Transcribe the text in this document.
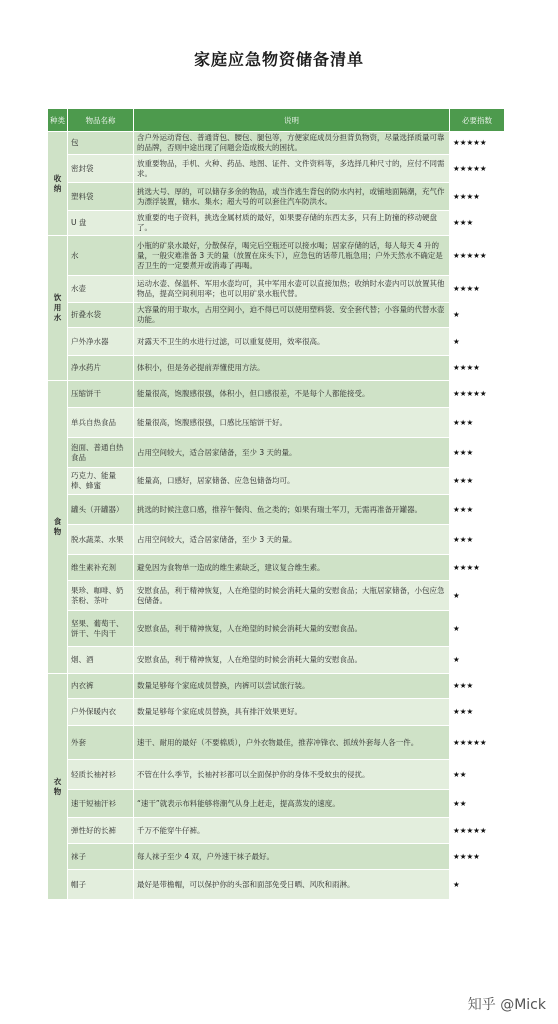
家庭应急物资储备清单
种类	物品名称	说明	必要指数
收纳	包	含户外运动背包、普通背包、腰包、腿包等，方便家庭成员分担背负物资，尽量选择质量可靠的品牌，否则中途出现了问题会造成极大的困扰。	★★★★★
	密封袋	放重要物品，手机、火种、药品、地图、证件、文件资料等，多选择几种尺寸的，应付不同需求。	★★★★★
	塑料袋	挑选大号、厚的，可以储存多余的物品，或当作逃生背包的防水内衬，或铺地面隔潮，充气作为漂浮装置，储水、集水；超大号的可以套住汽车防洪水。	★★★★
	U 盘	放重要的电子资料，挑选金属材质的最好，如果要存储的东西太多，只有上防撞的移动硬盘了。	★★★
饮用水	水	小瓶的矿泉水最好，分散保存，喝完后空瓶还可以接水喝；居家存储的话，每人每天 4 升的量，一般灾难准备 3 天的量（放置在床头下），应急包的话带几瓶急用；户外天然水不确定是否卫生的一定要煮开或消毒了再喝。	★★★★★
	水壶	运动水壶、保温杯、军用水壶均可，其中军用水壶可以直接加热；收纳时水壶内可以放置其他物品，提高空间利用率；也可以用矿泉水瓶代替。	★★★★
	折叠水袋	大容量的用于取水，占用空间小，迫不得已可以使用塑料袋、安全套代替；小容量的代替水壶功能。	★
	户外净水器	对露天不卫生的水进行过滤，可以重复使用，效率很高。	★
	净水药片	体积小，但是务必提前弄懂使用方法。	★★★★
食物	压缩饼干	能量很高，饱腹感很强，体积小，但口感很差，不是每个人都能接受。	★★★★★
	单兵自热食品	能量很高，饱腹感很强，口感比压缩饼干好。	★★★
	泡面、普通自热食品	占用空间较大，适合居家储备，至少 3 天的量。	★★★
	巧克力、能量棒、蜂蜜	能量高，口感好，居家储备、应急包储备均可。	★★★
	罐头（开罐器）	挑选的时候注意口感，推荐午餐肉、鱼之类的；如果有瑞士军刀，无需再准备开罐器。	★★★
	脱水蔬菜、水果	占用空间较大，适合居家储备，至少 3 天的量。	★★★
	维生素补充剂	避免因为食物单一造成的维生素缺乏，建议复合维生素。	★★★★
	果珍、咖啡、奶茶粉、茶叶	安慰食品，利于精神恢复，人在绝望的时候会消耗大量的安慰食品；大瓶居家储备，小包应急包储备。	★
	坚果、葡萄干、饼干、牛肉干	安慰食品，利于精神恢复，人在绝望的时候会消耗大量的安慰食品。	★
	烟、酒	安慰食品，利于精神恢复，人在绝望的时候会消耗大量的安慰食品。	★
衣物	内衣裤	数量足够每个家庭成员替换，内裤可以尝试旅行装。	★★★
	户外保暖内衣	数量足够每个家庭成员替换，具有排汗效果更好。	★★★
	外套	速干、耐用的最好（不要棉质），户外衣物最佳，推荐冲锋衣、抓绒外套每人各一件。	★★★★★
	轻质长袖衬衫	不管在什么季节，长袖衬衫都可以全面保护你的身体不受蚊虫的侵扰。	★★
	速干短袖汗衫	“速干”就表示布料能够将潮气从身上赶走，提高蒸发的速度。	★★
	弹性好的长裤	千万不能穿牛仔裤。	★★★★★
	袜子	每人袜子至少 4 双，户外速干袜子最好。	★★★★
	帽子	最好是带檐帽，可以保护你的头部和面部免受日晒、风吹和雨淋。	★
知乎 @Mick
